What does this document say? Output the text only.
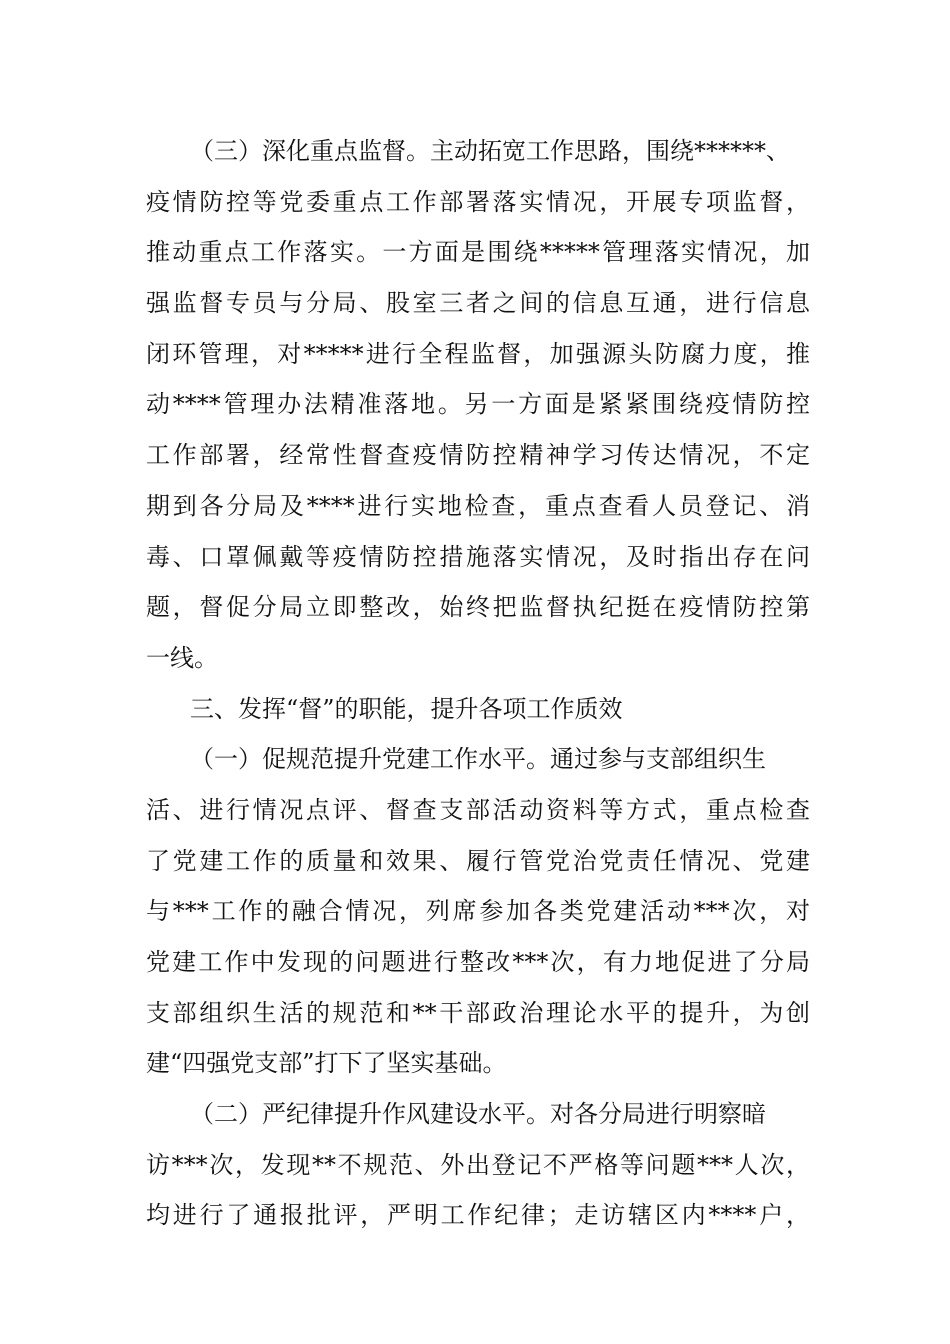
（三）深化重点监督。主动拓宽工作思路，围绕******、
疫情防控等党委重点工作部署落实情况，开展专项监督，
推动重点工作落实。一方面是围绕*****管理落实情况，加
强监督专员与分局、股室三者之间的信息互通，进行信息
闭环管理，对*****进行全程监督，加强源头防腐力度，推
动****管理办法精准落地。另一方面是紧紧围绕疫情防控
工作部署，经常性督查疫情防控精神学习传达情况，不定
期到各分局及****进行实地检查，重点查看人员登记、消
毒、口罩佩戴等疫情防控措施落实情况，及时指出存在问
题，督促分局立即整改，始终把监督执纪挺在疫情防控第
一线。
三、发挥“督”的职能，提升各项工作质效
（一）促规范提升党建工作水平。通过参与支部组织生
活、进行情况点评、督查支部活动资料等方式，重点检查
了党建工作的质量和效果、履行管党治党责任情况、党建
与***工作的融合情况，列席参加各类党建活动***次，对
党建工作中发现的问题进行整改***次，有力地促进了分局
支部组织生活的规范和**干部政治理论水平的提升，为创
建“四强党支部”打下了坚实基础。
（二）严纪律提升作风建设水平。对各分局进行明察暗
访***次，发现**不规范、外出登记不严格等问题***人次，
均进行了通报批评，严明工作纪律；走访辖区内****户，
